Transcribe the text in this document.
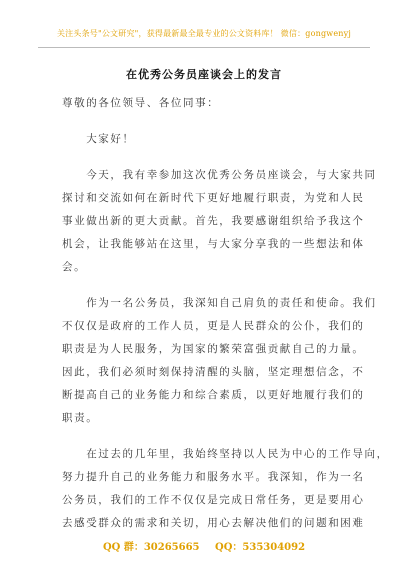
关注头条号"公文研究"，获得最新最全最专业的公文资料库！ 微信：gongwenyj
在优秀公务员座谈会上的发言
尊敬的各位领导、各位同事：
　　大家好！
　　今天，我有幸参加这次优秀公务员座谈会，与大家共同
探讨和交流如何在新时代下更好地履行职责，为党和人民
事业做出新的更大贡献。首先，我要感谢组织给予我这个
机会，让我能够站在这里，与大家分享我的一些想法和体
会。
　　作为一名公务员，我深知自己肩负的责任和使命。我们
不仅仅是政府的工作人员，更是人民群众的公仆，我们的
职责是为人民服务，为国家的繁荣富强贡献自己的力量。
因此，我们必须时刻保持清醒的头脑，坚定理想信念，不
断提高自己的业务能力和综合素质，以更好地履行我们的
职责。
　　在过去的几年里，我始终坚持以人民为中心的工作导向，
努力提升自己的业务能力和服务水平。我深知，作为一名
公务员，我们的工作不仅仅是完成日常任务，更是要用心
去感受群众的需求和关切，用心去解决他们的问题和困难
QQ 群：30265665 QQ：535304092
